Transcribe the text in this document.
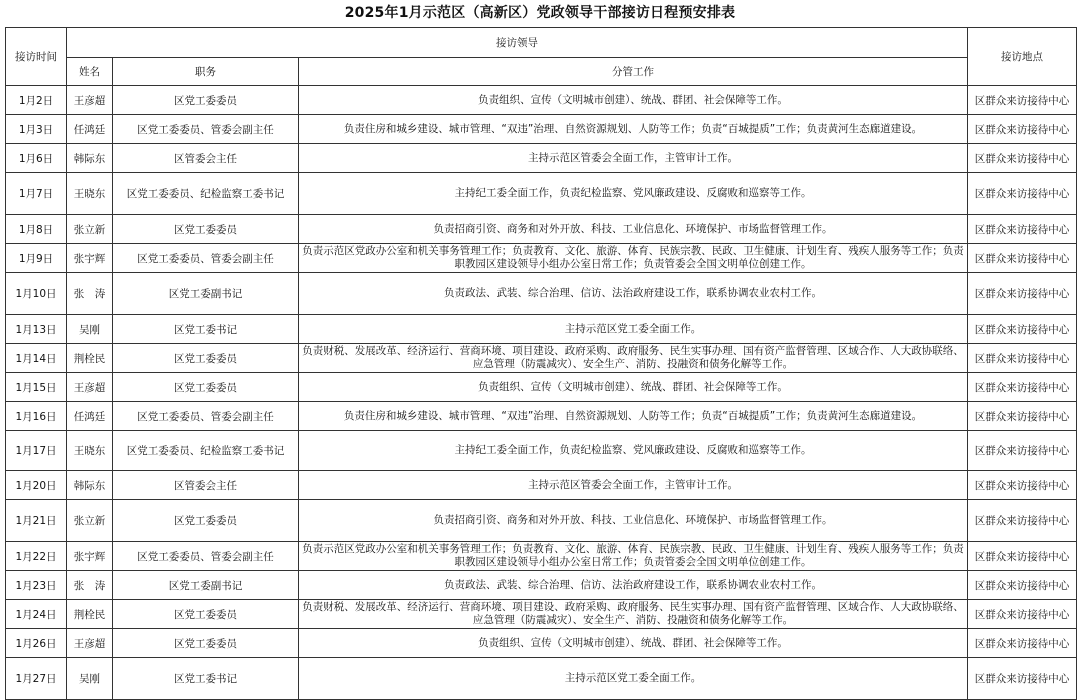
2025年1月示范区（高新区）党政领导干部接访日程预安排表
接访时间	接访领导			接访地点
	姓名	职务	分管工作	
1月2日	王彦超	区党工委委员	负责组织、宣传（文明城市创建）、统战、群团、社会保障等工作。	区群众来访接待中心
1月3日	任鸿廷	区党工委委员、管委会副主任	负责住房和城乡建设、城市管理、“双违”治理、自然资源规划、人防等工作；负责“百城提质”工作；负责黄河生态廊道建设。	区群众来访接待中心
1月6日	韩际东	区管委会主任	主持示范区管委会全面工作，主管审计工作。	区群众来访接待中心
1月7日	王晓东	区党工委委员、纪检监察工委书记	主持纪工委全面工作，负责纪检监察、党风廉政建设、反腐败和巡察等工作。	区群众来访接待中心
1月8日	张立新	区党工委委员	负责招商引资、商务和对外开放、科技、工业信息化、环境保护、市场监督管理工作。	区群众来访接待中心
1月9日	张宇辉	区党工委委员、管委会副主任	负责示范区党政办公室和机关事务管理工作；负责教育、文化、旅游、体育、民族宗教、民政、卫生健康、计划生育、残疾人服务等工作；负责职教园区建设领导小组办公室日常工作；负责管委会全国文明单位创建工作。	区群众来访接待中心
1月10日	张　涛	区党工委副书记	负责政法、武装、综合治理、信访、法治政府建设工作，联系协调农业农村工作。	区群众来访接待中心
1月13日	吴刚	区党工委书记	主持示范区党工委全面工作。	区群众来访接待中心
1月14日	荆栓民	区党工委委员	负责财税、发展改革、经济运行、营商环境、项目建设、政府采购、政府服务、民生实事办理、国有资产监督管理、区域合作、人大政协联络、应急管理（防震减灾）、安全生产、消防、投融资和债务化解等工作。	区群众来访接待中心
1月15日	王彦超	区党工委委员	负责组织、宣传（文明城市创建）、统战、群团、社会保障等工作。	区群众来访接待中心
1月16日	任鸿廷	区党工委委员、管委会副主任	负责住房和城乡建设、城市管理、“双违”治理、自然资源规划、人防等工作；负责“百城提质”工作；负责黄河生态廊道建设。	区群众来访接待中心
1月17日	王晓东	区党工委委员、纪检监察工委书记	主持纪工委全面工作，负责纪检监察、党风廉政建设、反腐败和巡察等工作。	区群众来访接待中心
1月20日	韩际东	区管委会主任	主持示范区管委会全面工作，主管审计工作。	区群众来访接待中心
1月21日	张立新	区党工委委员	负责招商引资、商务和对外开放、科技、工业信息化、环境保护、市场监督管理工作。	区群众来访接待中心
1月22日	张宇辉	区党工委委员、管委会副主任	负责示范区党政办公室和机关事务管理工作；负责教育、文化、旅游、体育、民族宗教、民政、卫生健康、计划生育、残疾人服务等工作；负责职教园区建设领导小组办公室日常工作；负责管委会全国文明单位创建工作。	区群众来访接待中心
1月23日	张　涛	区党工委副书记	负责政法、武装、综合治理、信访、法治政府建设工作，联系协调农业农村工作。	区群众来访接待中心
1月24日	荆栓民	区党工委委员	负责财税、发展改革、经济运行、营商环境、项目建设、政府采购、政府服务、民生实事办理、国有资产监督管理、区域合作、人大政协联络、应急管理（防震减灾）、安全生产、消防、投融资和债务化解等工作。	区群众来访接待中心
1月26日	王彦超	区党工委委员	负责组织、宣传（文明城市创建）、统战、群团、社会保障等工作。	区群众来访接待中心
1月27日	吴刚	区党工委书记	主持示范区党工委全面工作。	区群众来访接待中心
